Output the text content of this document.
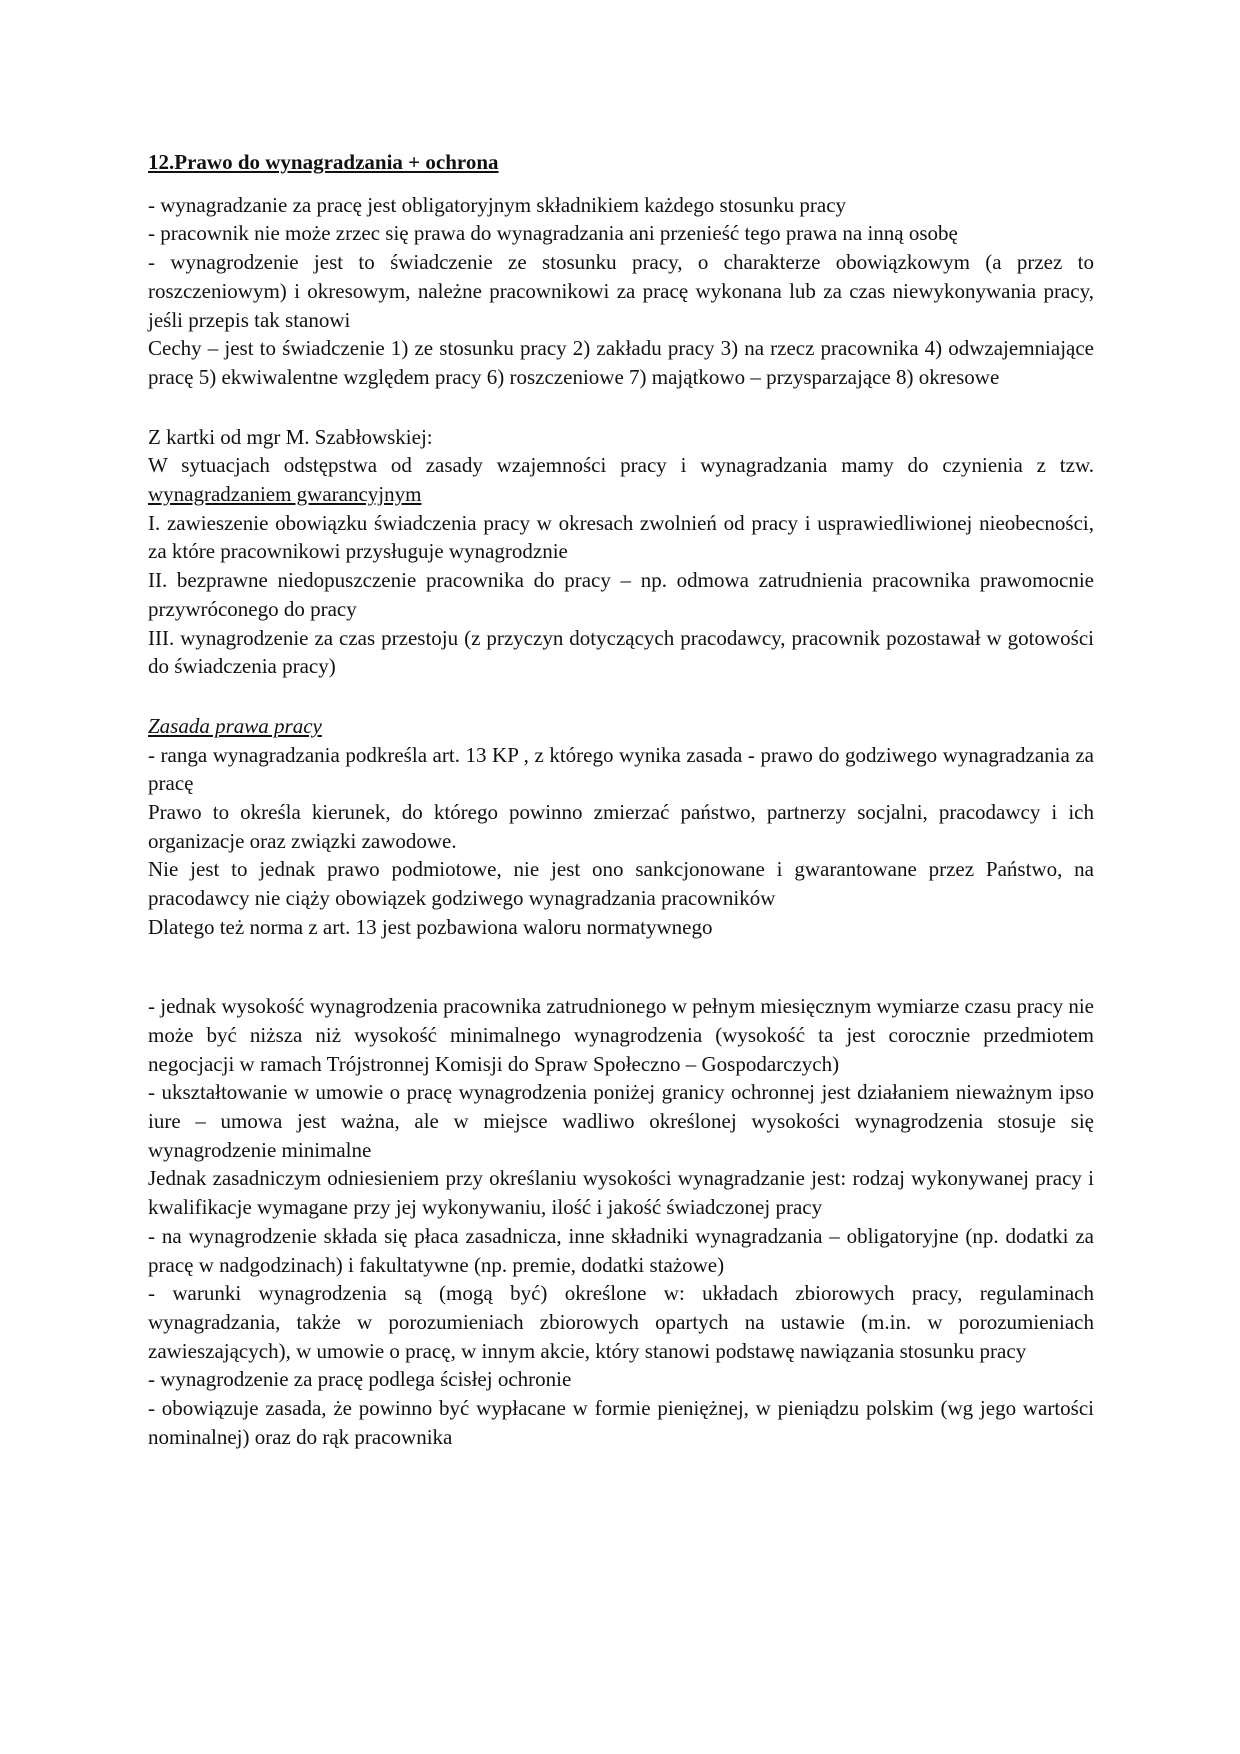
12.Prawo do wynagradzania + ochrona

- wynagradzanie za pracę jest obligatoryjnym składnikiem każdego stosunku pracy

- pracownik nie może zrzec się prawa do wynagradzania ani przenieść tego prawa na inną osobę

- wynagrodzenie jest to świadczenie ze stosunku pracy, o charakterze obowiązkowym (a przez to roszczeniowym) i okresowym, należne pracownikowi za pracę wykonana lub za czas niewykonywania pracy, jeśli przepis tak stanowi

Cechy – jest to świadczenie 1) ze stosunku pracy 2) zakładu pracy 3) na rzecz pracownika 4) odwzajemniające pracę 5) ekwiwalentne względem pracy 6) roszczeniowe 7) majątkowo – przysparzające 8) okresowe

Z kartki od mgr M. Szabłowskiej:

W sytuacjach odstępstwa od zasady wzajemności pracy i wynagradzania mamy do czynienia z tzw. wynagradzaniem gwarancyjnym

I. zawieszenie obowiązku świadczenia pracy w okresach zwolnień od pracy i usprawiedliwionej nieobecności, za które pracownikowi przysługuje wynagrodznie

II. bezprawne niedopuszczenie pracownika do pracy – np. odmowa zatrudnienia pracownika prawomocnie przywróconego do pracy

III. wynagrodzenie za czas przestoju (z przyczyn dotyczących pracodawcy, pracownik pozostawał w gotowości do świadczenia pracy)

Zasada prawa pracy

- ranga wynagradzania podkreśla art. 13 KP , z którego wynika zasada - prawo do godziwego wynagradzania za pracę

Prawo to określa kierunek, do którego powinno zmierzać państwo, partnerzy socjalni, pracodawcy i ich organizacje oraz związki zawodowe.

Nie jest to jednak prawo podmiotowe, nie jest ono sankcjonowane i gwarantowane przez Państwo, na pracodawcy nie ciąży obowiązek godziwego wynagradzania pracowników

Dlatego też norma z art. 13 jest pozbawiona waloru normatywnego

- jednak wysokość wynagrodzenia pracownika zatrudnionego w pełnym miesięcznym wymiarze czasu pracy nie może być niższa niż wysokość minimalnego wynagrodzenia (wysokość ta jest corocznie przedmiotem negocjacji w ramach Trójstronnej Komisji do Spraw Społeczno – Gospodarczych)

- ukształtowanie w umowie o pracę wynagrodzenia poniżej granicy ochronnej jest działaniem nieważnym ipso iure – umowa jest ważna, ale w miejsce wadliwo określonej wysokości wynagrodzenia stosuje się wynagrodzenie minimalne

Jednak zasadniczym odniesieniem przy określaniu wysokości wynagradzanie jest: rodzaj wykonywanej pracy i kwalifikacje wymagane przy jej wykonywaniu, ilość i jakość świadczonej pracy

- na wynagrodzenie składa się płaca zasadnicza, inne składniki wynagradzania – obligatoryjne (np. dodatki za pracę w nadgodzinach) i fakultatywne (np. premie, dodatki stażowe)

- warunki wynagrodzenia są (mogą być) określone w: układach zbiorowych pracy, regulaminach wynagradzania, także w porozumieniach zbiorowych opartych na ustawie (m.in. w porozumieniach zawieszających), w umowie o pracę, w innym akcie, który stanowi podstawę nawiązania stosunku pracy

- wynagrodzenie za pracę podlega ścisłej ochronie

- obowiązuje zasada, że powinno być wypłacane w formie pieniężnej, w pieniądzu polskim (wg jego wartości nominalnej) oraz do rąk pracownika
